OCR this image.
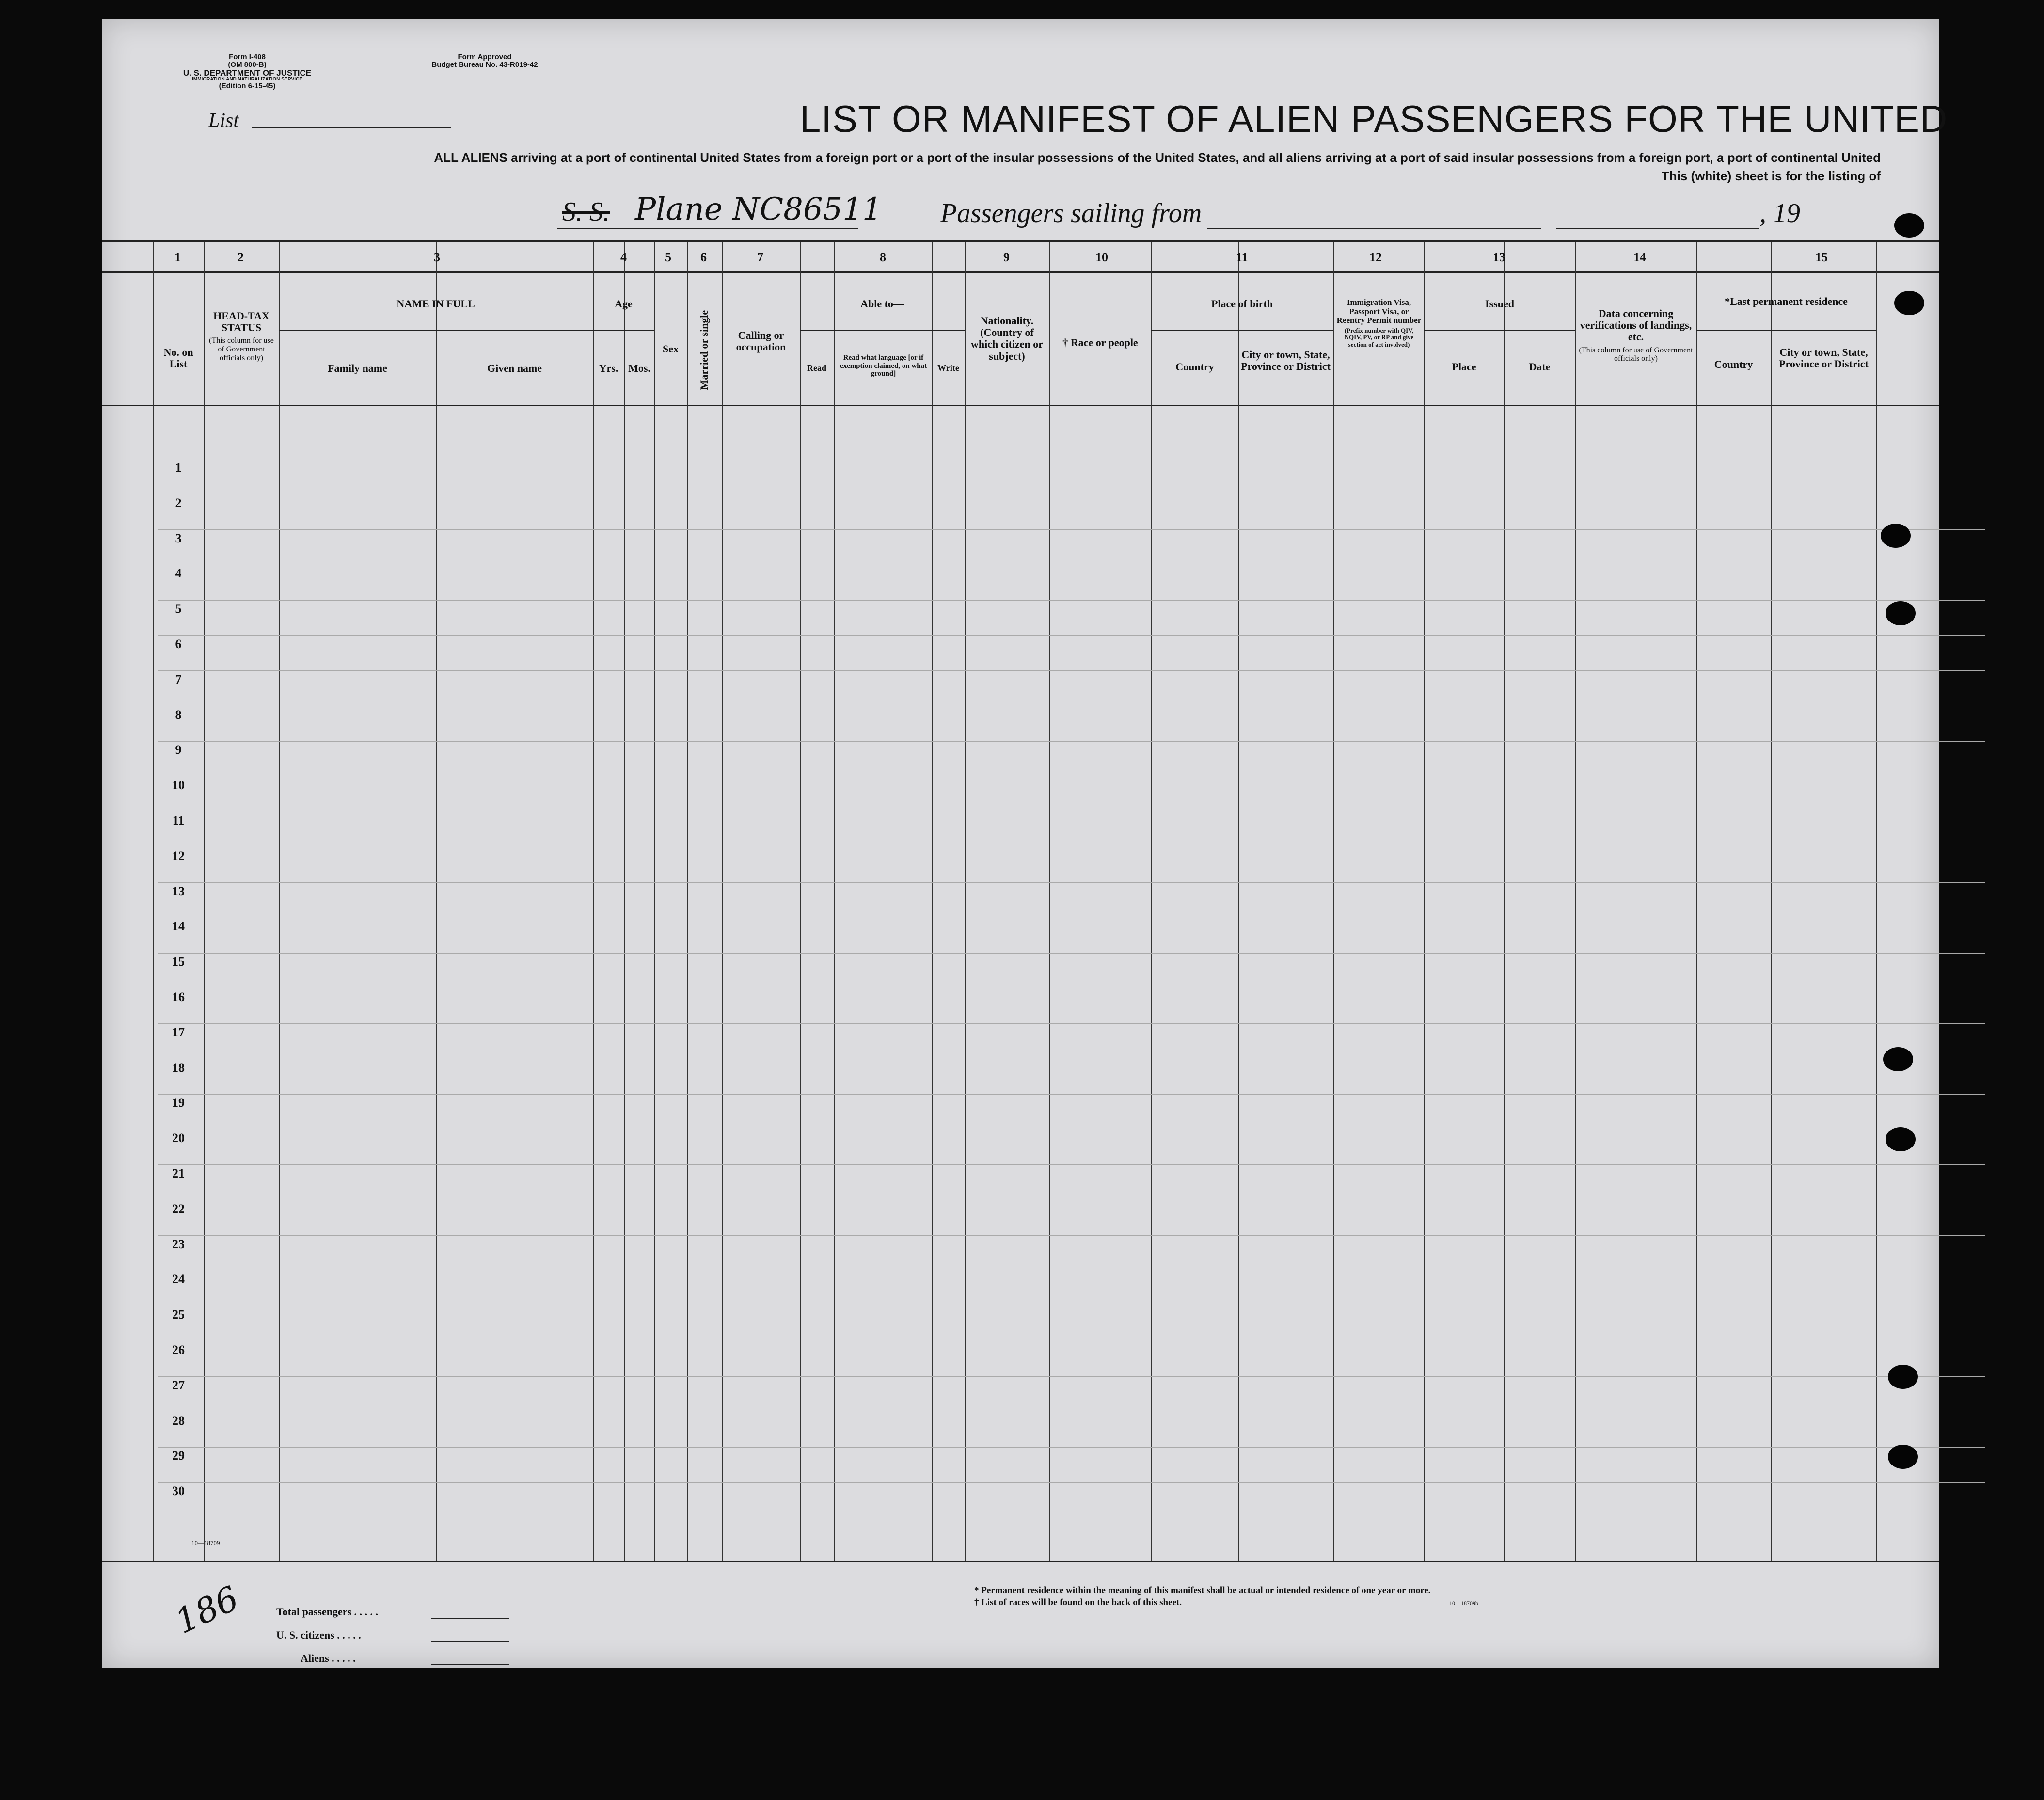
Form I-408
(OM 800-B)
U. S. DEPARTMENT OF JUSTICE
IMMIGRATION AND NATURALIZATION SERVICE
(Edition 6-15-45)
Form Approved
Budget Bureau No. 43-R019-42
List	LIST OR MANIFEST OF ALIEN PASSENGERS FOR THE UNITED
ALL ALIENS arriving at a port of continental United States from a foreign port or a port of the insular possessions of the United States, and all aliens arriving at a port of said insular possessions from a foreign port, a port of continental United
This (white) sheet is for the listing of
S. S. Plane NC86511 Passengers sailing from	, 19
1	2	3	4	5 6	7	8	9	10	11	12	13	14	15
No. on List
HEAD-TAX STATUS
(This column for use of Government officials only)
NAME IN FULL
Family name	Given name
Age
Yrs. Mos.
Sex	Married or single	Calling or occupation
Able to—
Read
Read what language [or if exemption claimed, on what ground]
Write
Nationality. (Country of which citizen or subject)
† Race or people
Place of birth
Country
City or town, State, Province or District
Immigration Visa, Passport Visa, or Reentry Permit number
(Prefix number with QIV, NQIV, PV, or RP and give section of act involved)
Issued
Place	Date
Data concerning verifications of landings, etc.
(This column for use of Government officials only)
*Last permanent residence
Country
City or town, State, Province or District
1
2
3
4
5
6
7
8
9
10
11
12
13
14
15
16
17
18
19
20
21
22
23
24
25
26
27
28
29
30
10—18709
186	Total passengers . . . . .
U. S. citizens . . . . .
Aliens . . . . .
* Permanent residence within the meaning of this manifest shall be actual or intended residence of one year or more.
† List of races will be found on the back of this sheet.	10—18709b
